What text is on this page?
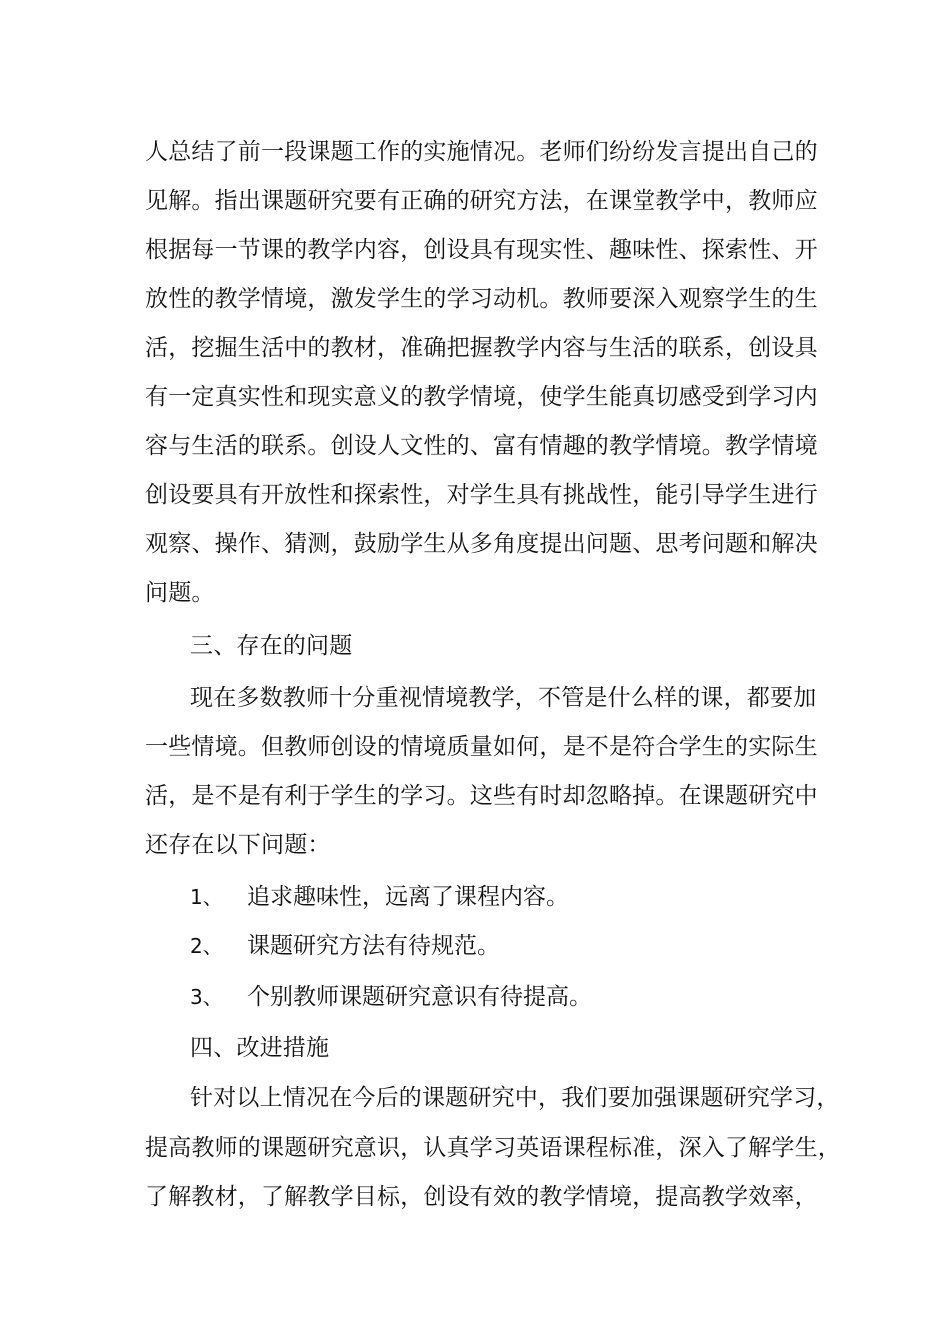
人总结了前一段课题工作的实施情况。老师们纷纷发言提出自己的
见解。指出课题研究要有正确的研究方法，在课堂教学中，教师应
根据每一节课的教学内容，创设具有现实性、趣味性、探索性、开
放性的教学情境，激发学生的学习动机。教师要深入观察学生的生
活，挖掘生活中的教材，准确把握教学内容与生活的联系，创设具
有一定真实性和现实意义的教学情境，使学生能真切感受到学习内
容与生活的联系。创设人文性的、富有情趣的教学情境。教学情境
创设要具有开放性和探索性，对学生具有挑战性，能引导学生进行
观察、操作、猜测，鼓励学生从多角度提出问题、思考问题和解决
问题。
三、存在的问题
现在多数教师十分重视情境教学，不管是什么样的课，都要加
一些情境。但教师创设的情境质量如何，是不是符合学生的实际生
活，是不是有利于学生的学习。这些有时却忽略掉。在课题研究中
还存在以下问题：
1、 追求趣味性，远离了课程内容。
2、 课题研究方法有待规范。
3、 个别教师课题研究意识有待提高。
四、改进措施
针对以上情况在今后的课题研究中，我们要加强课题研究学习，
提高教师的课题研究意识，认真学习英语课程标准，深入了解学生，
了解教材，了解教学目标，创设有效的教学情境，提高教学效率，
